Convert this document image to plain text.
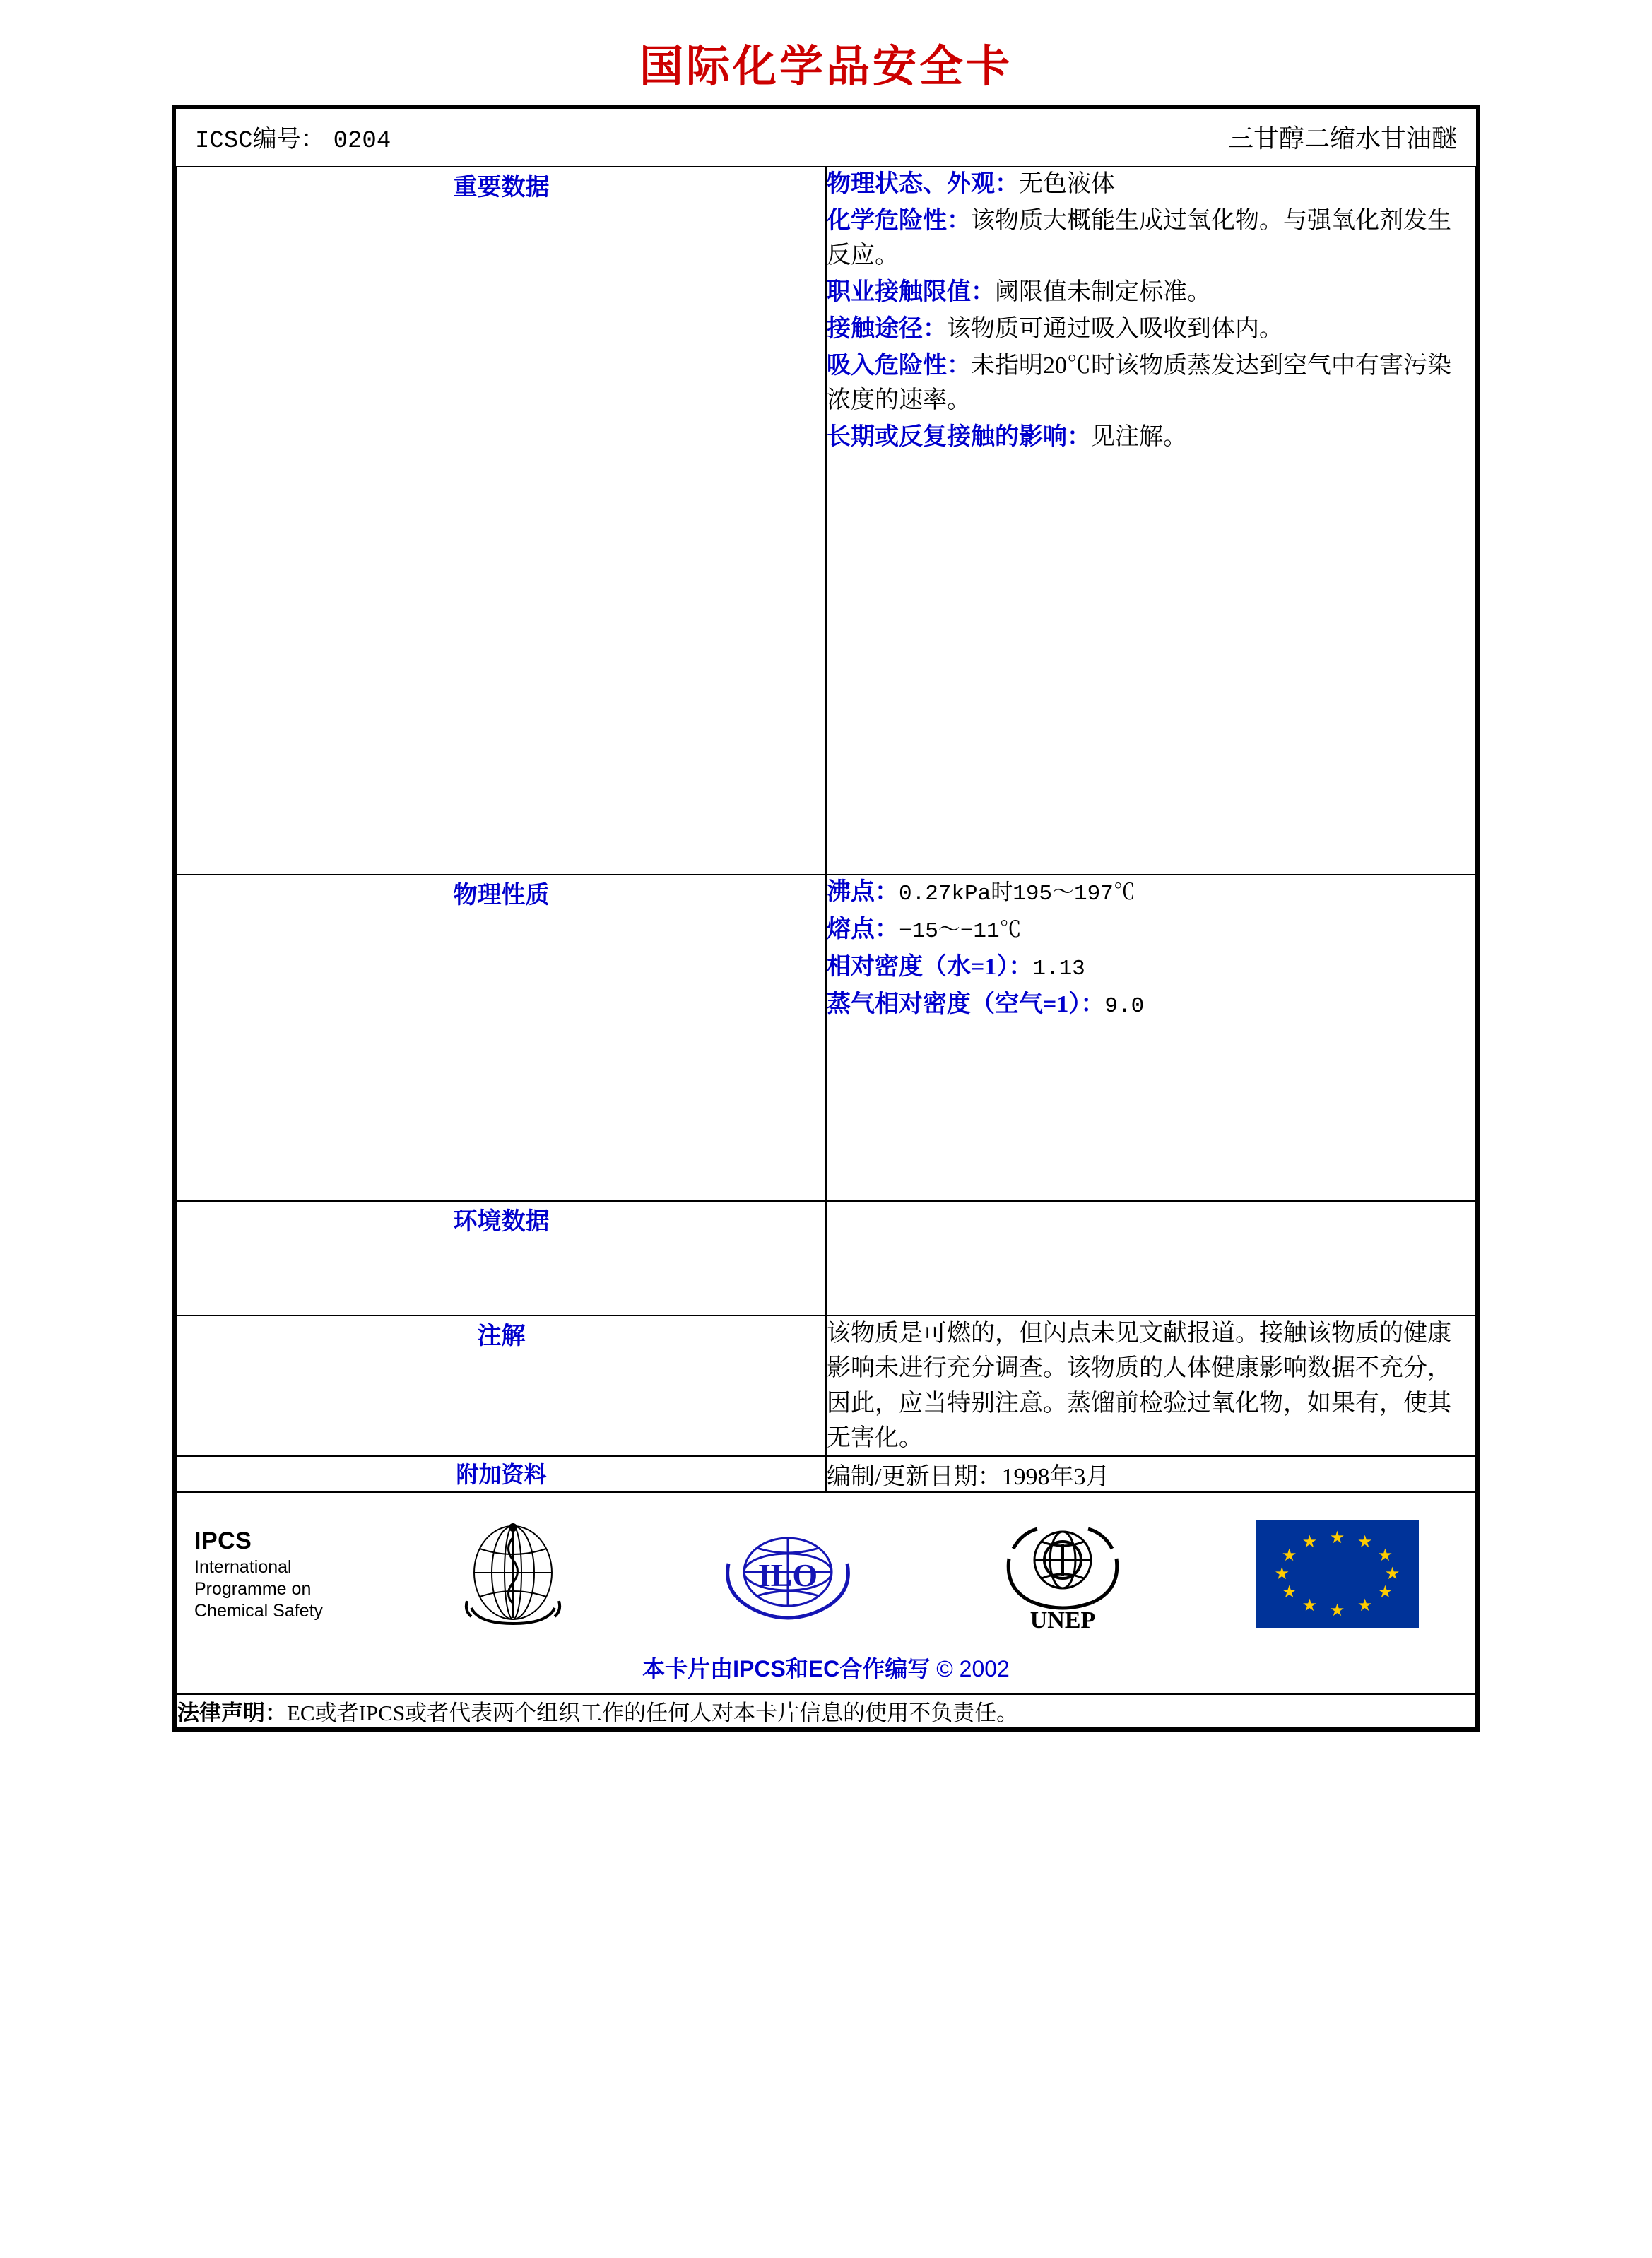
国际化学品安全卡
ICSC编号： 0204 三甘醇二缩水甘油醚	

重要数据	物理状态、外观：无色液体

化学危险性：该物质大概能生成过氧化物。与强氧化剂发生反应。

职业接触限值：阈限值未制定标准。

接触途径：该物质可通过吸入吸收到体内。

吸入危险性：未指明20℃时该物质蒸发达到空气中有害污染浓度的速率。

长期或反复接触的影响：见注解。

物理性质	沸点：0.27kPa时195～197℃

熔点：−15～−11℃

相对密度（水=1）：1.13

蒸气相对密度（空气=1）：9.0

环境数据	
注解	该物质是可燃的，但闪点未见文献报道。接触该物质的健康影响未进行充分调查。该物质的人体健康影响数据不充分，因此，应当特别注意。蒸馏前检验过氧化物，如果有，使其无害化。
附加资料	编制/更新日期：1998年3月

IPCS
International
Programme on
Chemical Safety
ILO
UNEP
★ ★
★
★
★
★
★
★
★
★
★
★
本卡片由IPCS和EC合作编写 © 2002

法律声明：EC或者IPCS或者代表两个组织工作的任何人对本卡片信息的使用不负责任。	
